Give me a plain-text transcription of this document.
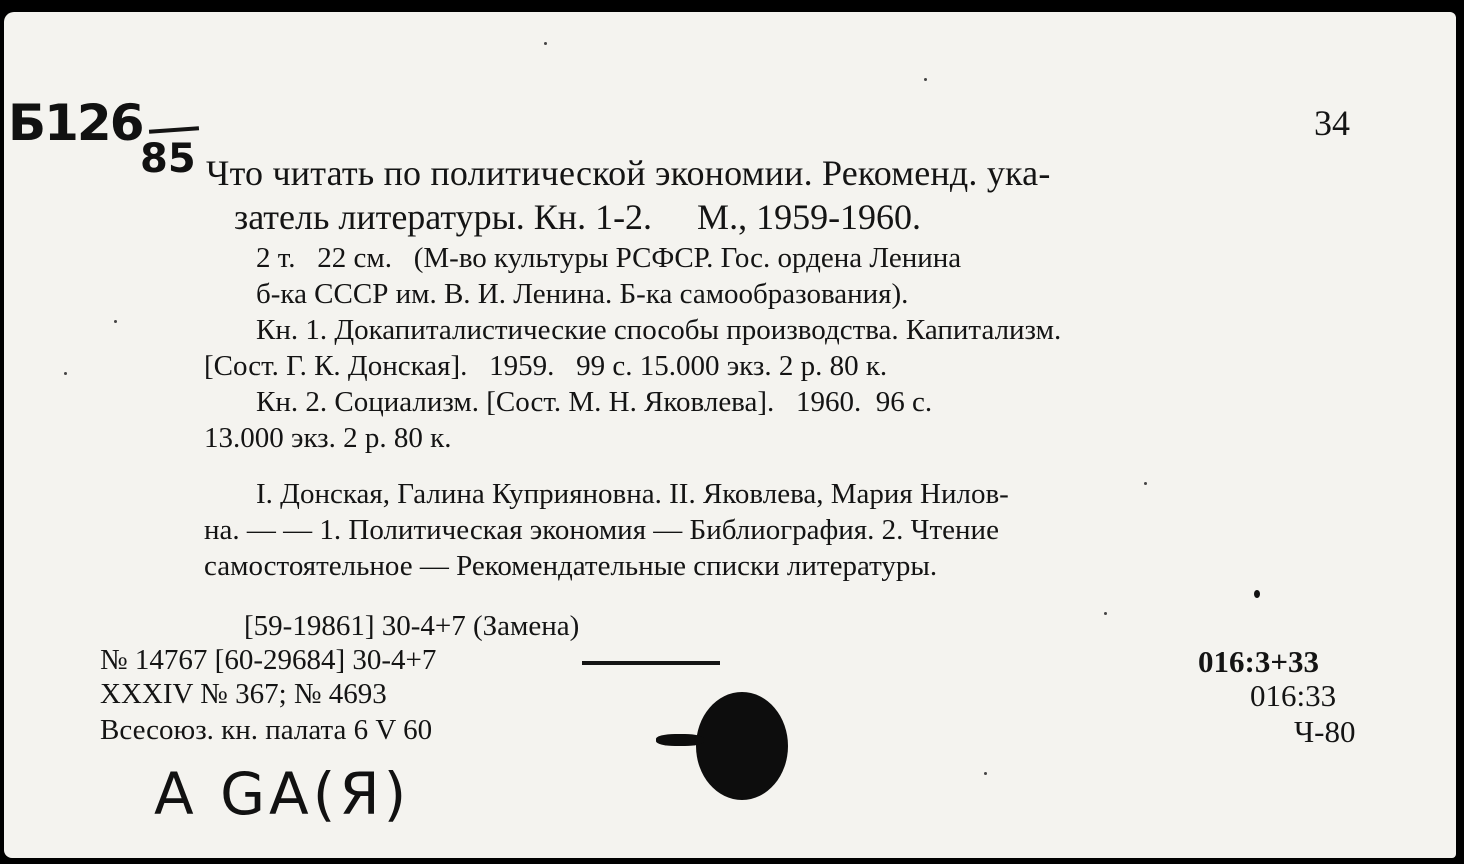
Б126
85
34
Что читать по политической экономии. Рекоменд. ука-
затель литературы. Кн. 1-2.     М., 1959-1960.
2 т.   22 см.   (М-во культуры РСФСР. Гос. ордена Ленина
б-ка СССР им. В. И. Ленина. Б-ка самообразования).
Кн. 1. Докапиталистические способы производства. Капитализм.
[Сост. Г. К. Донская].   1959.   99 с. 15.000 экз. 2 р. 80 к.
Кн. 2. Социализм. [Сост. М. Н. Яковлева].   1960.  96 с.
13.000 экз. 2 р. 80 к.
I. Донская, Галина Куприяновна. II. Яковлева, Мария Нилов-
на. — — 1. Политическая экономия — Библиография. 2. Чтение
самостоятельное — Рекомендательные списки литературы.
[59-19861] 30-4+7 (Замена)
№ 14767 [60-29684] 30-4+7
XXXIV № 367; № 4693
Всесоюз. кн. палата 6 V 60
016:3+33
016:33
Ч-80
А GA(Я)
